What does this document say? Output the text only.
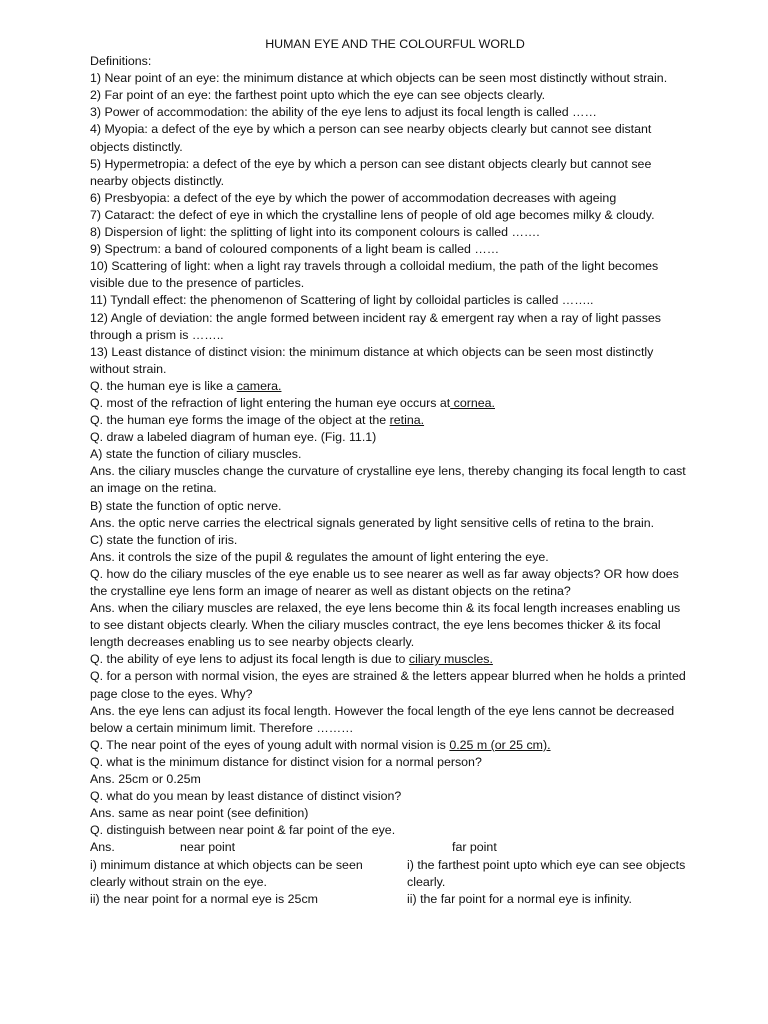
HUMAN EYE AND THE COLOURFUL WORLD

Definitions:

1) Near point of an eye: the minimum distance at which objects can be seen most distinctly without strain.

2) Far point of an eye: the farthest point upto which the eye can see objects clearly.

3) Power of accommodation: the ability of the eye lens to adjust its focal length is called ……

4) Myopia: a defect of the eye by which a person can see nearby objects clearly but cannot see distant objects distinctly.

5) Hypermetropia: a defect of the eye by which a person can see distant objects clearly but cannot see nearby objects distinctly.

6) Presbyopia: a defect of the eye by which the power of accommodation decreases with ageing

7) Cataract: the defect of eye in which the crystalline lens of people of old age becomes milky & cloudy.

8) Dispersion of light: the splitting of light into its component colours is called …….

9) Spectrum: a band of coloured components of a light beam is called ……

10) Scattering of light: when a light ray travels through a colloidal medium, the path of the light becomes visible due to the presence of particles.

11) Tyndall effect: the phenomenon of Scattering of light by colloidal particles is called ……..

12) Angle of deviation: the angle formed between incident ray & emergent ray when a ray of light passes through a prism is ……..

13) Least distance of distinct vision: the minimum distance at which objects can be seen most distinctly without strain.

Q. the human eye is like a camera.

Q. most of the refraction of light entering the human eye occurs at cornea.

Q. the human eye forms the image of the object at the retina.

Q. draw a labeled diagram of human eye. (Fig. 11.1)

A) state the function of ciliary muscles.

Ans. the ciliary muscles change the curvature of crystalline eye lens, thereby changing its focal length to cast an image on the retina.

B) state the function of optic nerve.

Ans. the optic nerve carries the electrical signals generated by light sensitive cells of retina to the brain.

C) state the function of iris.

Ans. it controls the size of the pupil & regulates the amount of light entering the eye.

Q. how do the ciliary muscles of the eye enable us to see nearer as well as far away objects? OR how does the crystalline eye lens form an image of nearer as well as distant objects on the retina?

Ans. when the ciliary muscles are relaxed, the eye lens become thin & its focal length increases enabling us to see distant objects clearly. When the ciliary muscles contract, the eye lens becomes thicker & its focal length decreases enabling us to see nearby objects clearly.

Q. the ability of eye lens to adjust its focal length is due to ciliary muscles.

Q. for a person with normal vision, the eyes are strained & the letters appear blurred when he holds a printed page close to the eyes. Why?

Ans. the eye lens can adjust its focal length. However the focal length of the eye lens cannot be decreased below a certain minimum limit. Therefore ………

Q. The near point of the eyes of young adult with normal vision is 0.25 m (or 25 cm).

Q. what is the minimum distance for distinct vision for a normal person?

Ans. 25cm or 0.25m

Q. what do you mean by least distance of distinct vision?

Ans. same as near point (see definition)

Q. distinguish between near point & far point of the eye.

Ans.	near point	far point

i) minimum distance at which objects can be seen clearly without strain on the eye.

ii) the near point for a normal eye is 25cm

i) the farthest point upto which eye can see objects clearly.

ii) the far point for a normal eye is infinity.
